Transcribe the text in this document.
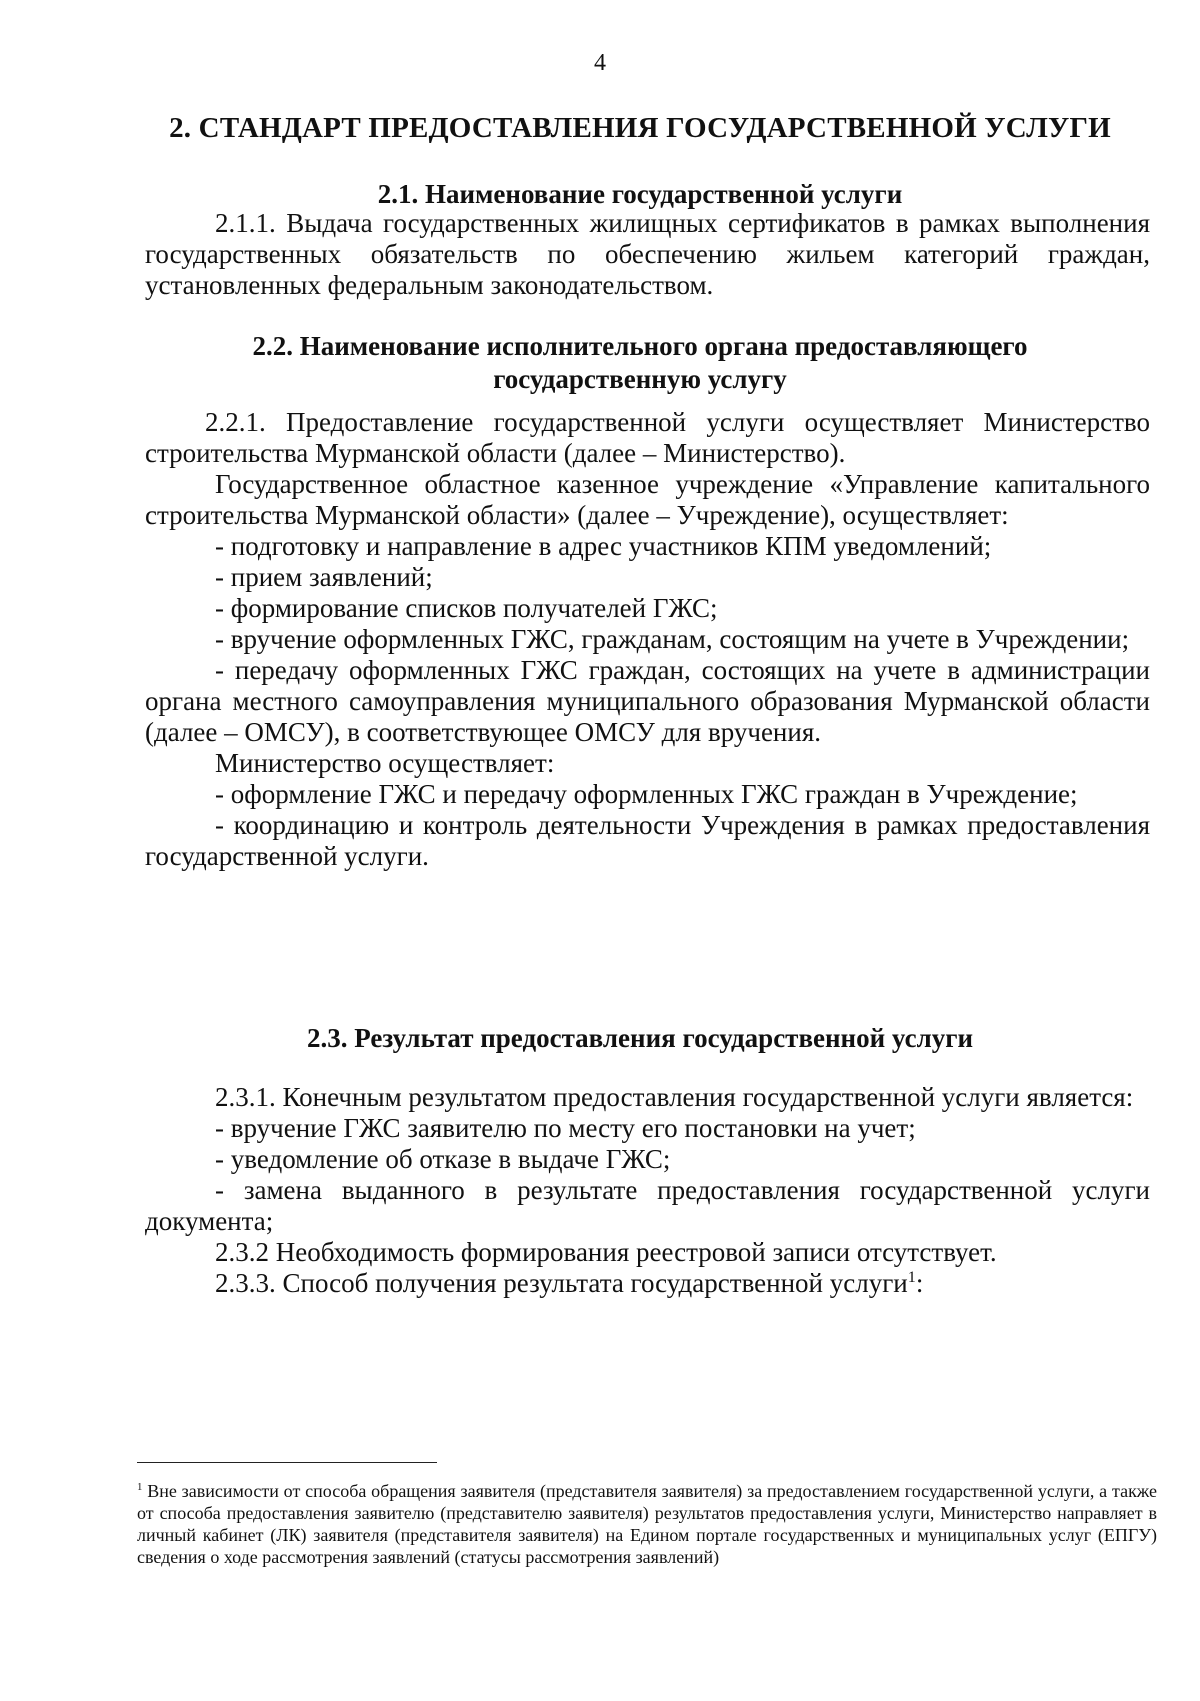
4
2. СТАНДАРТ ПРЕДОСТАВЛЕНИЯ ГОСУДАРСТВЕННОЙ УСЛУГИ
2.1. Наименование государственной услуги

2.1.1. Выдача государственных жилищных сертификатов в рамках выполнения государственных обязательств по обеспечению жильем категорий граждан, установленных федеральным законодательством.

2.2. Наименование исполнительного органа предоставляющего
государственную услугу

2.2.1. Предоставление государственной услуги осуществляет Министерство строительства Мурманской области (далее – Министерство).

Государственное областное казенное учреждение «Управление капитального строительства Мурманской области» (далее – Учреждение), осуществляет:

- подготовку и направление в адрес участников КПМ уведомлений;

- прием заявлений;

- формирование списков получателей ГЖС;

- вручение оформленных ГЖС, гражданам, состоящим на учете в Учреждении;

- передачу оформленных ГЖС граждан, состоящих на учете в администрации органа местного самоуправления муниципального образования Мурманской области (далее – ОМСУ), в соответствующее ОМСУ для вручения.

Министерство осуществляет:

- оформление ГЖС и передачу оформленных ГЖС граждан в Учреждение;

- координацию и контроль деятельности Учреждения в рамках предоставления государственной услуги.

2.3. Результат предоставления государственной услуги

2.3.1. Конечным результатом предоставления государственной услуги является:

- вручение ГЖС заявителю по месту его постановки на учет;

- уведомление об отказе в выдаче ГЖС;

- замена выданного в результате предоставления государственной услуги документа;

2.3.2 Необходимость формирования реестровой записи отсутствует.

2.3.3. Способ получения результата государственной услуги$^1$:

$^1$ Вне зависимости от способа обращения заявителя (представителя заявителя) за предоставлением государственной услуги, а также от способа предоставления заявителю (представителю заявителя) результатов предоставления услуги, Министерство направляет в личный кабинет (ЛК) заявителя (представителя заявителя) на Едином портале государственных и муниципальных услуг (ЕПГУ) сведения о ходе рассмотрения заявлений (статусы рассмотрения заявлений)
